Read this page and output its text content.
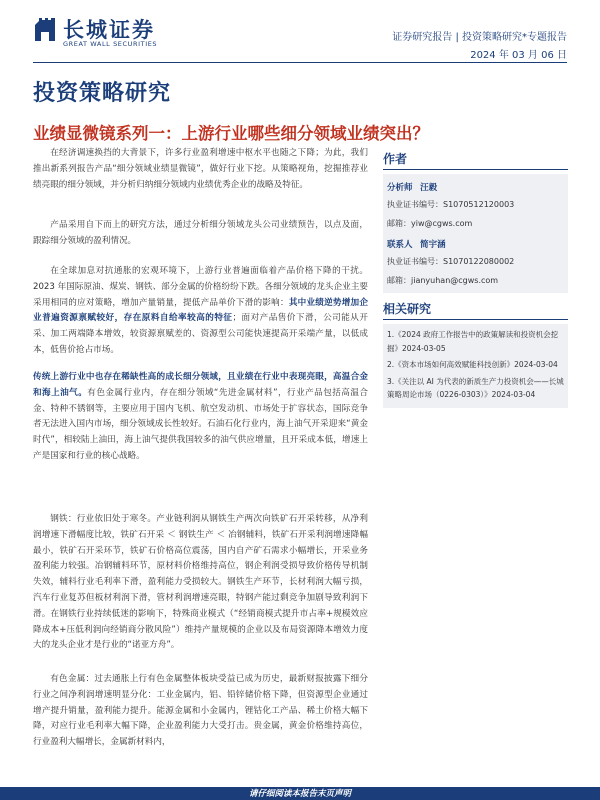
长城证券
GREAT WALL SECURITIES
证券研究报告 | 投资策略研究*专题报告
2024 年 03 月 06 日
投资策略研究
业绩显微镜系列一：上游行业哪些细分领域业绩突出？

在经济调速换挡的大背景下，许多行业盈利增速中枢水平也随之下降；为此，我们推出新系列报告产品“细分领域业绩显微镜”，做好行业下挖。从策略视角，挖掘推荐业绩亮眼的细分领域，并分析归纳细分领域内业绩优秀企业的战略及特征。

产品采用自下而上的研究方法，通过分析细分领域龙头公司业绩预告，以点及面，跟踪细分领域的盈利情况。

在全球加息对抗通胀的宏观环境下，上游行业普遍面临着产品价格下降的干扰。2023 年国际原油、煤炭、钢铁、部分金属的价格纷纷下跌。各细分领域的龙头企业主要采用相同的应对策略，增加产量销量，提低产品单价下滑的影响：其中业绩逆势增加企业普遍资源禀赋较好，存在原料自给率较高的特征；面对产品售价下滑，公司能从开采、加工两端降本增效，较资源禀赋差的、资源型公司能快速提高开采端产量，以低成本，低售价抢占市场。

传统上游行业中也存在稀缺性高的成长细分领域，且业绩在行业中表现亮眼，高温合金和海上油气。有色金属行业内，存在细分领域“先进金属材料”，行业产品包括高温合金、特种不锈钢等，主要应用于国内飞机、航空发动机、市场处于扩容状态，国际竞争者无法进入国内市场，细分领域成长性较好。石油石化行业内，海上油气开采迎来“黄金时代”，相较陆上油田，海上油气提供我国较多的油气供应增量，且开采成本低，增速上产是国家和行业的核心战略。

钢铁：行业依旧处于寒冬。产业链利润从钢铁生产两次向铁矿石开采转移，从净利润增速下滑幅度比较，铁矿石开采 ＜ 钢铁生产 ＜ 冶钢辅料，铁矿石开采利润增速降幅最小，铁矿石开采环节，铁矿石价格高位震荡，国内自产矿石需求小幅增长，开采业务盈利能力较强。冶钢辅料环节，原材料价格维持高位，钢企利润受损导致价格传导机制失效，辅料行业毛利率下滑，盈利能力受损较大。钢铁生产环节，长材利润大幅亏损，汽车行业复苏但板材利润下滑，管材利润增速亮眼，特钢产能过剩竞争加剧导致利润下滑。在钢铁行业持续低迷的影响下，特殊商业模式（“经销商模式提升市占率+规模效应降成本+压低利润向经销商分散风险”）维持产量规模的企业以及布局资源降本增效力度大的龙头企业才是行业的“诺亚方舟”。

有色金属：过去通胀上行有色金属整体板块受益已成为历史，最新财报披露下细分行业之间净利润增速明显分化：工业金属内，铝、铅锌储价格下降，但资源型企业通过增产提升销量，盈利能力提升。能源金属和小金属内，锂钴化工产品、稀土价格大幅下降，对应行业毛利率大幅下降，企业盈利能力大受打击。贵金属，黄金价格维持高位，行业盈利大幅增长，金属新材料内，

作者
分析师 汪毅
执业证书编号：S1070512120003
邮箱：yiw@cgws.com
联系人 简宇涵
执业证书编号：S1070122080002
邮箱：jianyuhan@cgws.com
相关研究
1.《2024 政府工作报告中的政策解读和投资机会挖掘》2024-03-05
2.《资本市场如何高效赋能科技创新》2024-03-04
3.《关注以 AI 为代表的新质生产力投资机会——长城策略周论市场（0226-0303）》2024-03-04
请仔细阅读本报告末页声明
